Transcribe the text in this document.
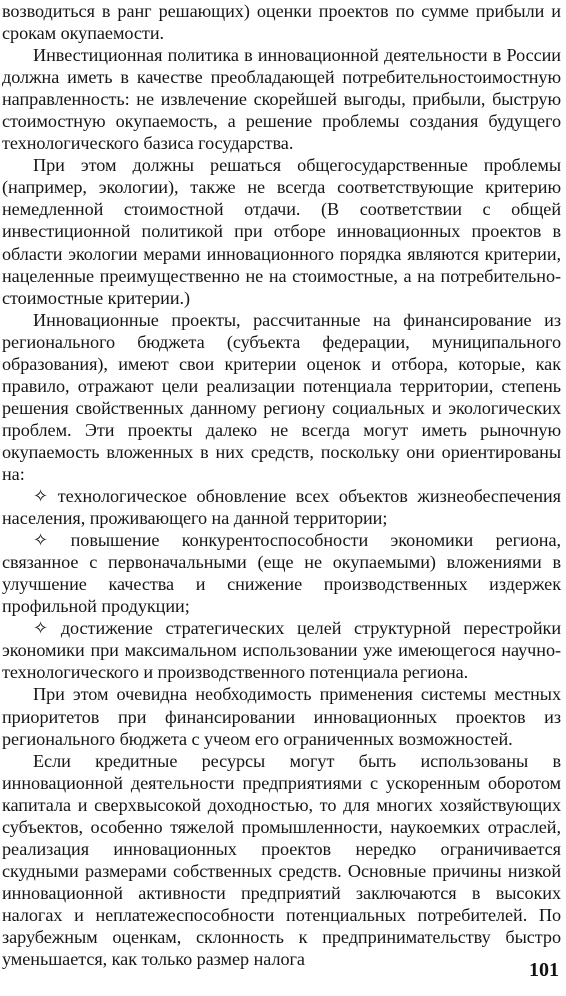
возводиться в ранг решающих) оценки проектов по сумме прибыли и срокам окупаемости.

Инвестиционная политика в инновационной деятельности в России должна иметь в качестве преобладающей потребительностоимостную направленность: не извлечение скорейшей выгоды, прибыли, быструю стоимостную окупаемость, а решение проблемы создания будущего технологического базиса государства.

При этом должны решаться общегосударственные проблемы (например, экологии), также не всегда соответствующие критерию немедленной стоимостной отдачи. (В соответствии с общей инвестиционной политикой при отборе инновационных проектов в области экологии мерами инновационного порядка являются критерии, нацеленные преимущественно не на стоимостные, а на потребительно-стоимостные критерии.)

Инновационные проекты, рассчитанные на финансирование из регионального бюджета (субъекта федерации, муниципального образования), имеют свои критерии оценок и отбора, которые, как правило, отражают цели реализации потенциала территории, степень решения свойственных данному региону социальных и экологических проблем. Эти проекты далеко не всегда могут иметь рыночную окупаемость вложенных в них средств, поскольку они ориентированы на:

✧ технологическое обновление всех объектов жизнеобеспечения населения, проживающего на данной территории;

✧ повышение конкурентоспособности экономики региона, связанное с первоначальными (еще не окупаемыми) вложениями в улучшение качества и снижение производственных издержек профильной продукции;

✧ достижение стратегических целей структурной перестройки экономики при максимальном использовании уже имеющегося научно-технологического и производственного потенциала региона.

При этом очевидна необходимость применения системы местных приоритетов при финансировании инновационных проектов из регионального бюджета с учеом его ограниченных возможностей.

Если кредитные ресурсы могут быть использованы в инновационной деятельности предприятиями с ускоренным оборотом капитала и сверхвысокой доходностью, то для многих хозяйствующих субъектов, особенно тяжелой промышленности, наукоемких отраслей, реализация инновационных проектов нередко ограничивается скудными размерами собственных средств. Основные причины низкой инновационной активности предприятий заключаются в высоких налогах и неплатежеспособности потенциальных потребителей. По зарубежным оценкам, склонность к предпринимательству быстро уменьшается, как только размер налога	101
